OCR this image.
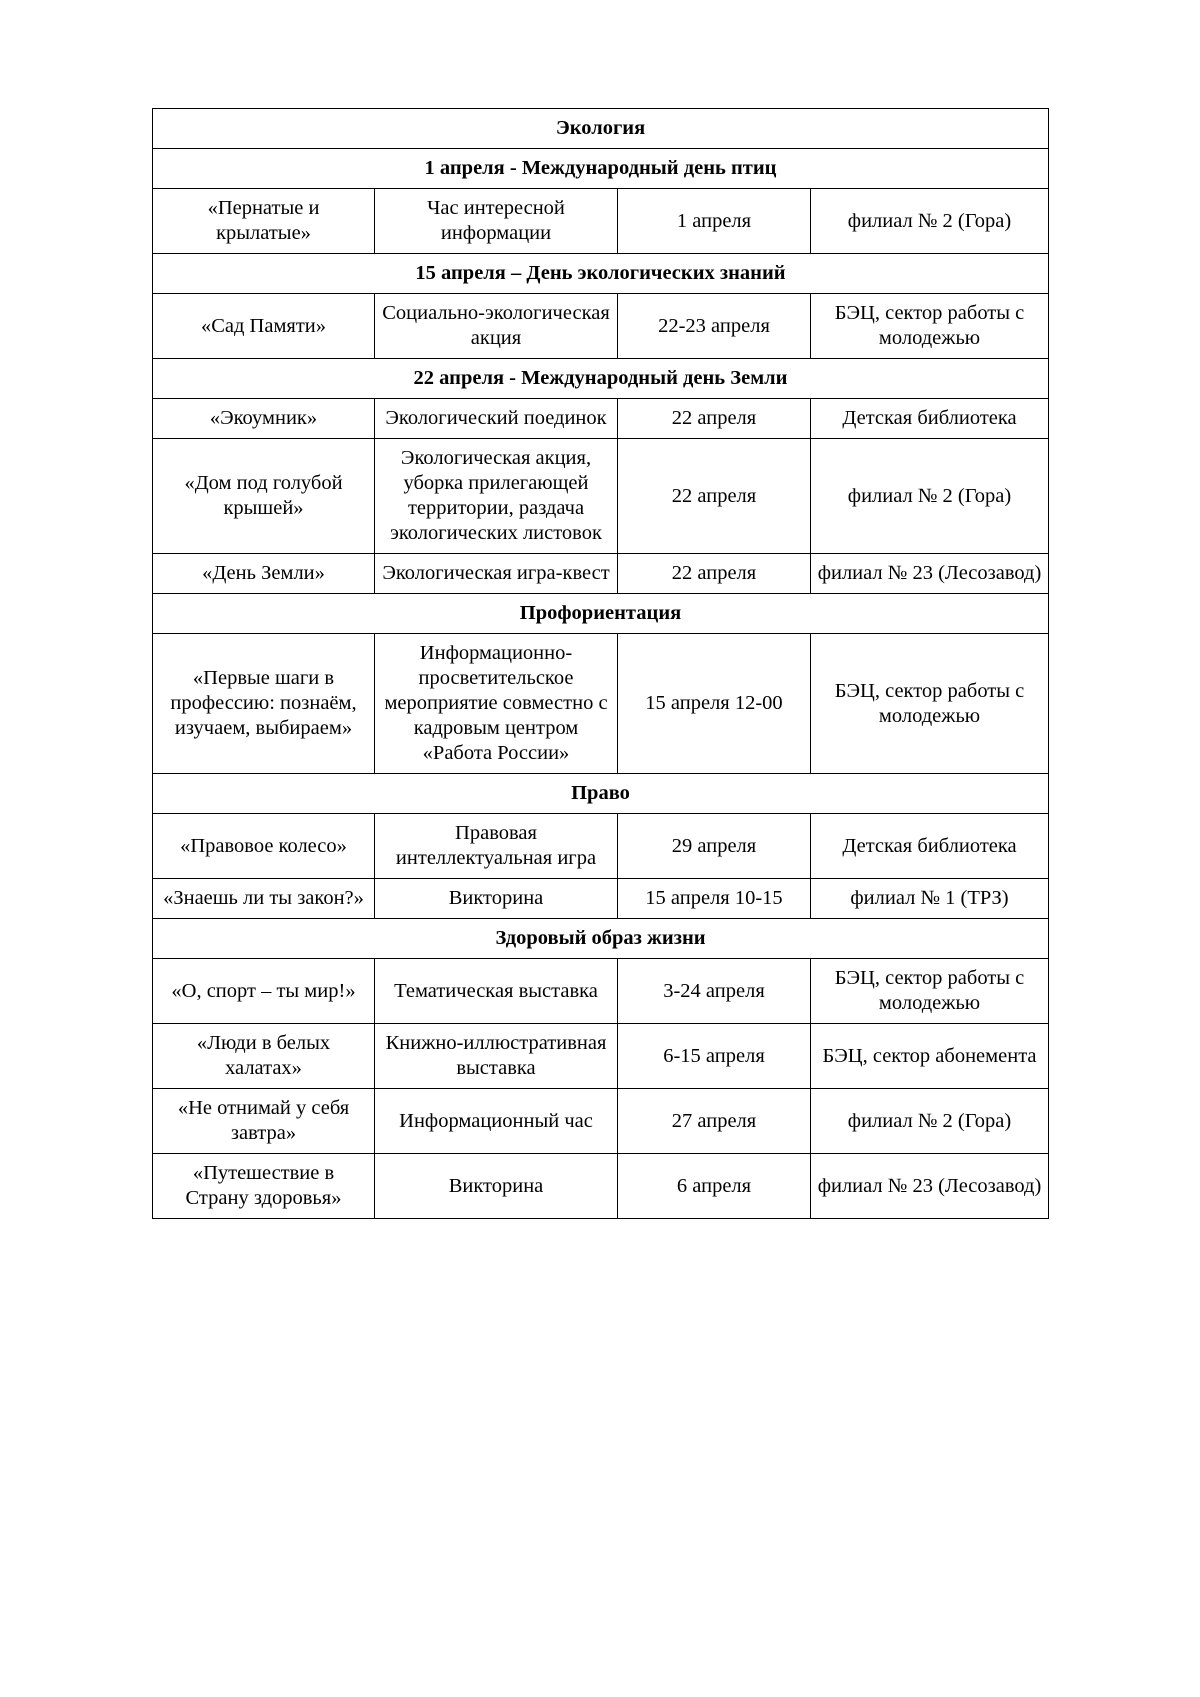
Экология			
1 апреля - Международный день птиц			
«Пернатые и крылатые»	Час интересной информации	1 апреля	филиал № 2 (Гора)
15 апреля – День экологических знаний			
«Сад Памяти»	Социально-экологическая акция	22-23 апреля	БЭЦ, сектор работы с молодежью
22 апреля - Международный день Земли			
«Экоумник»	Экологический поединок	22 апреля	Детская библиотека
«Дом под голубой крышей»	Экологическая акция, уборка прилегающей территории, раздача экологических листовок	22 апреля	филиал № 2 (Гора)
«День Земли»	Экологическая игра-квест	22 апреля	филиал № 23 (Лесозавод)
Профориентация			
«Первые шаги в профессию: познаём, изучаем, выбираем»	Информационно-просветительское мероприятие совместно с кадровым центром «Работа России»	15 апреля 12-00	БЭЦ, сектор работы с молодежью
Право			
«Правовое колесо»	Правовая интеллектуальная игра	29 апреля	Детская библиотека
«Знаешь ли ты закон?»	Викторина	15 апреля 10-15	филиал № 1 (ТРЗ)
Здоровый образ жизни			
«О, спорт – ты мир!»	Тематическая выставка	3-24 апреля	БЭЦ, сектор работы с молодежью
«Люди в белых халатах»	Книжно-иллюстративная выставка	6-15 апреля	БЭЦ, сектор абонемента
«Не отнимай у себя завтра»	Информационный час	27 апреля	филиал № 2 (Гора)
«Путешествие в Страну здоровья»	Викторина	6 апреля	филиал № 23 (Лесозавод)
